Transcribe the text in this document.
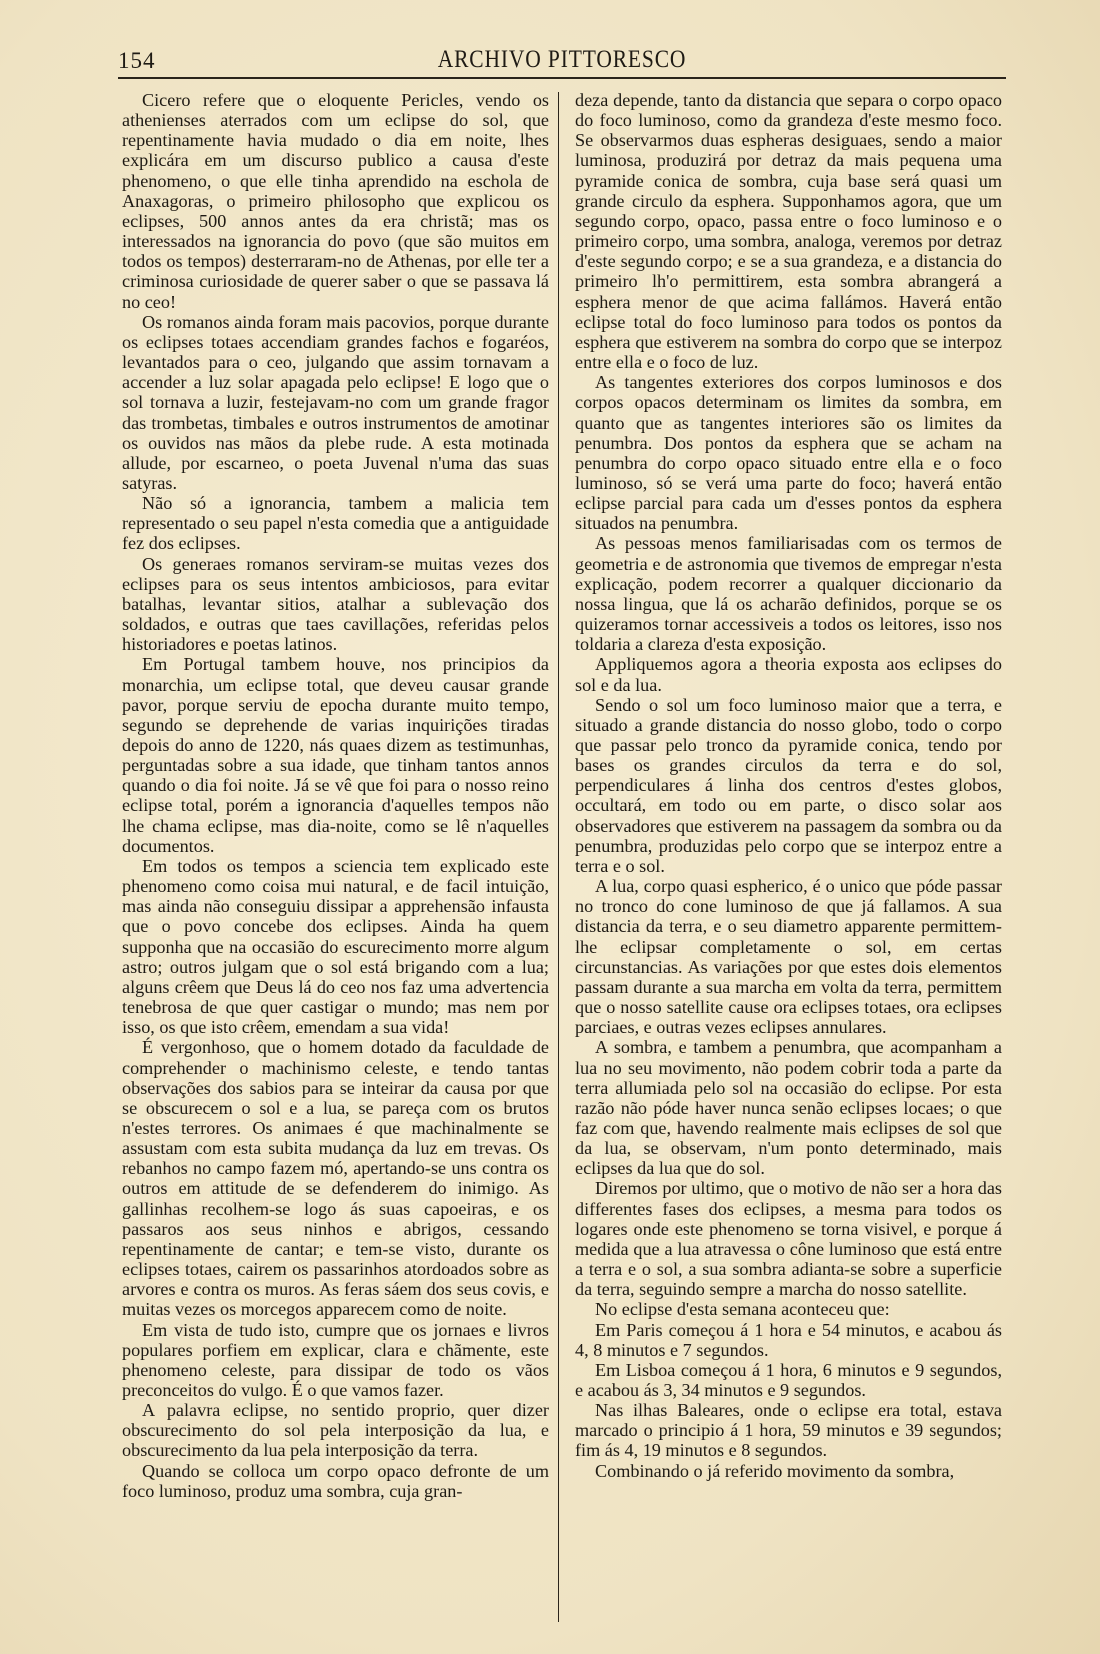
154	ARCHIVO PITTORESCO

Cicero refere que o eloquente Pericles, vendo os athenienses aterrados com um eclipse do sol, que repentinamente havia mudado o dia em noite, lhes explicára em um discurso publico a causa d'este phenomeno, o que elle tinha aprendido na eschola de Anaxagoras, o primeiro philosopho que explicou os eclipses, 500 annos antes da era christã; mas os interessados na ignorancia do povo (que são muitos em todos os tempos) desterraram-no de Athenas, por elle ter a criminosa curiosidade de querer saber o que se passava lá no ceo!

Os romanos ainda foram mais pacovios, porque durante os eclipses totaes accendiam grandes fachos e fogaréos, levantados para o ceo, julgando que assim tornavam a accender a luz solar apagada pelo eclipse! E logo que o sol tornava a luzir, festejavam-no com um grande fragor das trombetas, timbales e outros instrumentos de amotinar os ouvidos nas mãos da plebe rude. A esta motinada allude, por escarneo, o poeta Juvenal n'uma das suas satyras.

Não só a ignorancia, tambem a malicia tem representado o seu papel n'esta comedia que a antiguidade fez dos eclipses.

Os generaes romanos serviram-se muitas vezes dos eclipses para os seus intentos ambiciosos, para evitar batalhas, levantar sitios, atalhar a sublevação dos soldados, e outras que taes cavillações, referidas pelos historiadores e poetas latinos.

Em Portugal tambem houve, nos principios da monarchia, um eclipse total, que deveu causar grande pavor, porque serviu de epocha durante muito tempo, segundo se deprehende de varias inquirições tiradas depois do anno de 1220, nás quaes dizem as testimunhas, perguntadas sobre a sua idade, que tinham tantos annos quando o dia foi noite. Já se vê que foi para o nosso reino eclipse total, porém a ignorancia d'aquelles tempos não lhe chama eclipse, mas dia-noite, como se lê n'aquelles documentos.

Em todos os tempos a sciencia tem explicado este phenomeno como coisa mui natural, e de facil intuição, mas ainda não conseguiu dissipar a apprehensão infausta que o povo concebe dos eclipses. Ainda ha quem supponha que na occasião do escurecimento morre algum astro; outros julgam que o sol está brigando com a lua; alguns crêem que Deus lá do ceo nos faz uma advertencia tenebrosa de que quer castigar o mundo; mas nem por isso, os que isto crêem, emendam a sua vida!

É vergonhoso, que o homem dotado da faculdade de comprehender o machinismo celeste, e tendo tantas observações dos sabios para se inteirar da causa por que se obscurecem o sol e a lua, se pareça com os brutos n'estes terrores. Os animaes é que machinalmente se assustam com esta subita mudança da luz em trevas. Os rebanhos no campo fazem mó, apertando-se uns contra os outros em attitude de se defenderem do inimigo. As gallinhas recolhem-se logo ás suas capoeiras, e os passaros aos seus ninhos e abrigos, cessando repentinamente de cantar; e tem-se visto, durante os eclipses totaes, cairem os passarinhos atordoados sobre as arvores e contra os muros. As feras sáem dos seus covis, e muitas vezes os morcegos apparecem como de noite.

Em vista de tudo isto, cumpre que os jornaes e livros populares porfiem em explicar, clara e chãmente, este phenomeno celeste, para dissipar de todo os vãos preconceitos do vulgo. É o que vamos fazer.

A palavra eclipse, no sentido proprio, quer dizer obscurecimento do sol pela interposição da lua, e obscurecimento da lua pela interposição da terra.

Quando se colloca um corpo opaco defronte de um foco luminoso, produz uma sombra, cuja gran-

deza depende, tanto da distancia que separa o corpo opaco do foco luminoso, como da grandeza d'este mesmo foco. Se observarmos duas espheras desiguaes, sendo a maior luminosa, produzirá por detraz da mais pequena uma pyramide conica de sombra, cuja base será quasi um grande circulo da esphera. Supponhamos agora, que um segundo corpo, opaco, passa entre o foco luminoso e o primeiro corpo, uma sombra, analoga, veremos por detraz d'este segundo corpo; e se a sua grandeza, e a distancia do primeiro lh'o permittirem, esta sombra abrangerá a esphera menor de que acima fallámos. Haverá então eclipse total do foco luminoso para todos os pontos da esphera que estiverem na sombra do corpo que se interpoz entre ella e o foco de luz.

As tangentes exteriores dos corpos luminosos e dos corpos opacos determinam os limites da sombra, em quanto que as tangentes interiores são os limites da penumbra. Dos pontos da esphera que se acham na penumbra do corpo opaco situado entre ella e o foco luminoso, só se verá uma parte do foco; haverá então eclipse parcial para cada um d'esses pontos da esphera situados na penumbra.

As pessoas menos familiarisadas com os termos de geometria e de astronomia que tivemos de empregar n'esta explicação, podem recorrer a qualquer diccionario da nossa lingua, que lá os acharão definidos, porque se os quizeramos tornar accessiveis a todos os leitores, isso nos toldaria a clareza d'esta exposição.

Appliquemos agora a theoria exposta aos eclipses do sol e da lua.

Sendo o sol um foco luminoso maior que a terra, e situado a grande distancia do nosso globo, todo o corpo que passar pelo tronco da pyramide conica, tendo por bases os grandes circulos da terra e do sol, perpendiculares á linha dos centros d'estes globos, occultará, em todo ou em parte, o disco solar aos observadores que estiverem na passagem da sombra ou da penumbra, produzidas pelo corpo que se interpoz entre a terra e o sol.

A lua, corpo quasi espherico, é o unico que póde passar no tronco do cone luminoso de que já fallamos. A sua distancia da terra, e o seu diametro apparente permittem-lhe eclipsar completamente o sol, em certas circunstancias. As variações por que estes dois elementos passam durante a sua marcha em volta da terra, permittem que o nosso satellite cause ora eclipses totaes, ora eclipses parciaes, e outras vezes eclipses annulares.

A sombra, e tambem a penumbra, que acompanham a lua no seu movimento, não podem cobrir toda a parte da terra allumiada pelo sol na occasião do eclipse. Por esta razão não póde haver nunca senão eclipses locaes; o que faz com que, havendo realmente mais eclipses de sol que da lua, se observam, n'um ponto determinado, mais eclipses da lua que do sol.

Diremos por ultimo, que o motivo de não ser a hora das differentes fases dos eclipses, a mesma para todos os logares onde este phenomeno se torna visivel, e porque á medida que a lua atravessa o cône luminoso que está entre a terra e o sol, a sua sombra adianta-se sobre a superficie da terra, seguindo sempre a marcha do nosso satellite.

No eclipse d'esta semana aconteceu que:

Em Paris começou á 1 hora e 54 minutos, e acabou ás 4, 8 minutos e 7 segundos.

Em Lisboa começou á 1 hora, 6 minutos e 9 segundos, e acabou ás 3, 34 minutos e 9 segundos.

Nas ilhas Baleares, onde o eclipse era total, estava marcado o principio á 1 hora, 59 minutos e 39 segundos; fim ás 4, 19 minutos e 8 segundos.

Combinando o já referido movimento da sombra,
